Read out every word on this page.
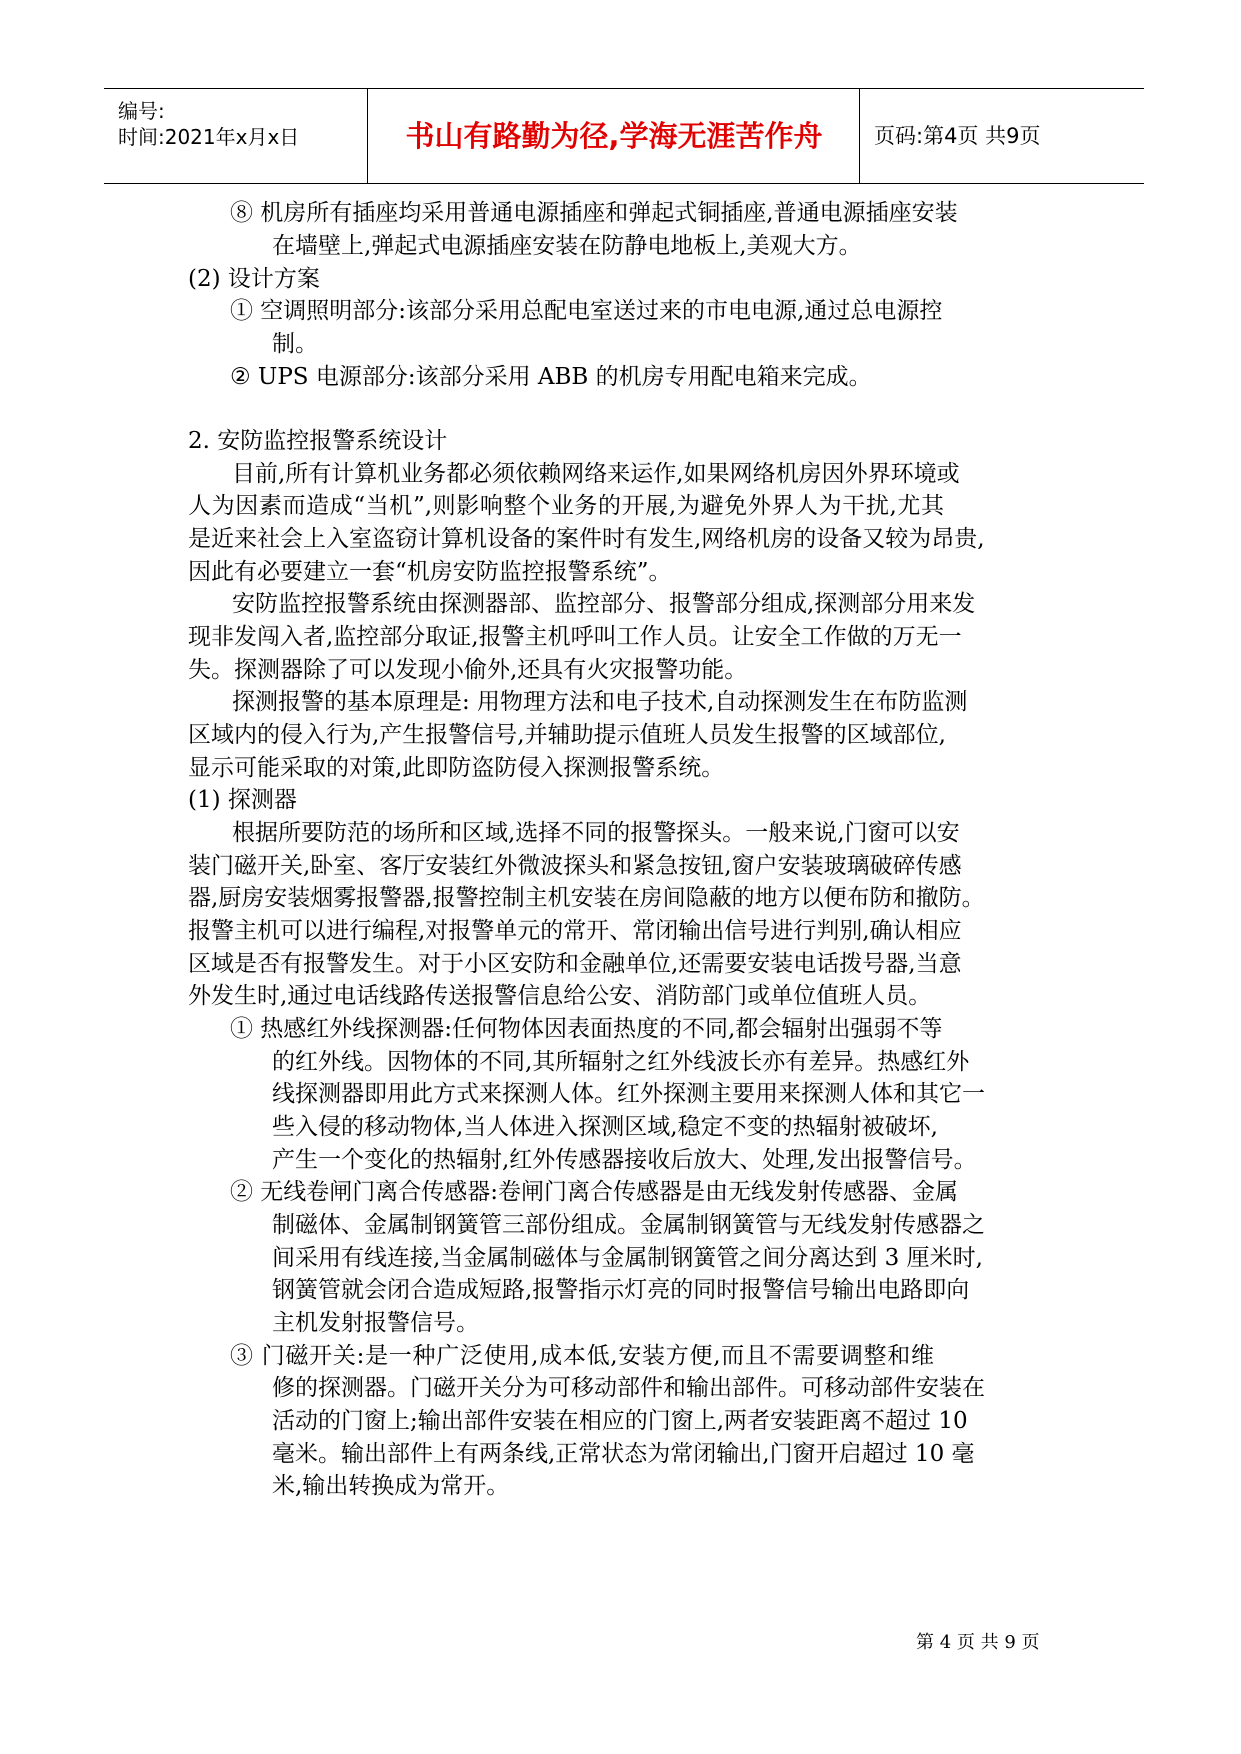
编号:
时间:2021年x月x日	书山有路勤为径,学海无涯苦作舟	页码:第4页 共9页
⑧ 机房所有插座均采用普通电源插座和弹起式铜插座,普通电源插座安装
在墙壁上,弹起式电源插座安装在防静电地板上,美观大方。
(2) 设计方案
① 空调照明部分:该部分采用总配电室送过来的市电电源,通过总电源控
制。
② UPS 电源部分:该部分采用 ABB 的机房专用配电箱来完成。
2. 安防监控报警系统设计
目前,所有计算机业务都必须依赖网络来运作,如果网络机房因外界环境或
人为因素而造成“当机”,则影响整个业务的开展,为避免外界人为干扰,尤其
是近来社会上入室盗窃计算机设备的案件时有发生,网络机房的设备又较为昂贵,
因此有必要建立一套“机房安防监控报警系统”。
安防监控报警系统由探测器部、监控部分、报警部分组成,探测部分用来发
现非发闯入者,监控部分取证,报警主机呼叫工作人员。让安全工作做的万无一
失。探测器除了可以发现小偷外,还具有火灾报警功能。
探测报警的基本原理是: 用物理方法和电子技术,自动探测发生在布防监测
区域内的侵入行为,产生报警信号,并辅助提示值班人员发生报警的区域部位,
显示可能采取的对策,此即防盗防侵入探测报警系统。
(1) 探测器
根据所要防范的场所和区域,选择不同的报警探头。一般来说,门窗可以安
装门磁开关,卧室、客厅安装红外微波探头和紧急按钮,窗户安装玻璃破碎传感
器,厨房安装烟雾报警器,报警控制主机安装在房间隐蔽的地方以便布防和撤防。
报警主机可以进行编程,对报警单元的常开、常闭输出信号进行判别,确认相应
区域是否有报警发生。对于小区安防和金融单位,还需要安装电话拨号器,当意
外发生时,通过电话线路传送报警信息给公安、消防部门或单位值班人员。
① 热感红外线探测器:任何物体因表面热度的不同,都会辐射出强弱不等
的红外线。因物体的不同,其所辐射之红外线波长亦有差异。热感红外
线探测器即用此方式来探测人体。红外探测主要用来探测人体和其它一
些入侵的移动物体,当人体进入探测区域,稳定不变的热辐射被破坏,
产生一个变化的热辐射,红外传感器接收后放大、处理,发出报警信号。
② 无线卷闸门离合传感器:卷闸门离合传感器是由无线发射传感器、金属
制磁体、金属制钢簧管三部份组成。金属制钢簧管与无线发射传感器之
间采用有线连接,当金属制磁体与金属制钢簧管之间分离达到 3 厘米时,
钢簧管就会闭合造成短路,报警指示灯亮的同时报警信号输出电路即向
主机发射报警信号。
③ 门磁开关:是一种广泛使用,成本低,安装方便,而且不需要调整和维
修的探测器。门磁开关分为可移动部件和输出部件。可移动部件安装在
活动的门窗上;输出部件安装在相应的门窗上,两者安装距离不超过 10
毫米。输出部件上有两条线,正常状态为常闭输出,门窗开启超过 10 毫
米,输出转换成为常开。
第 4 页 共 9 页
